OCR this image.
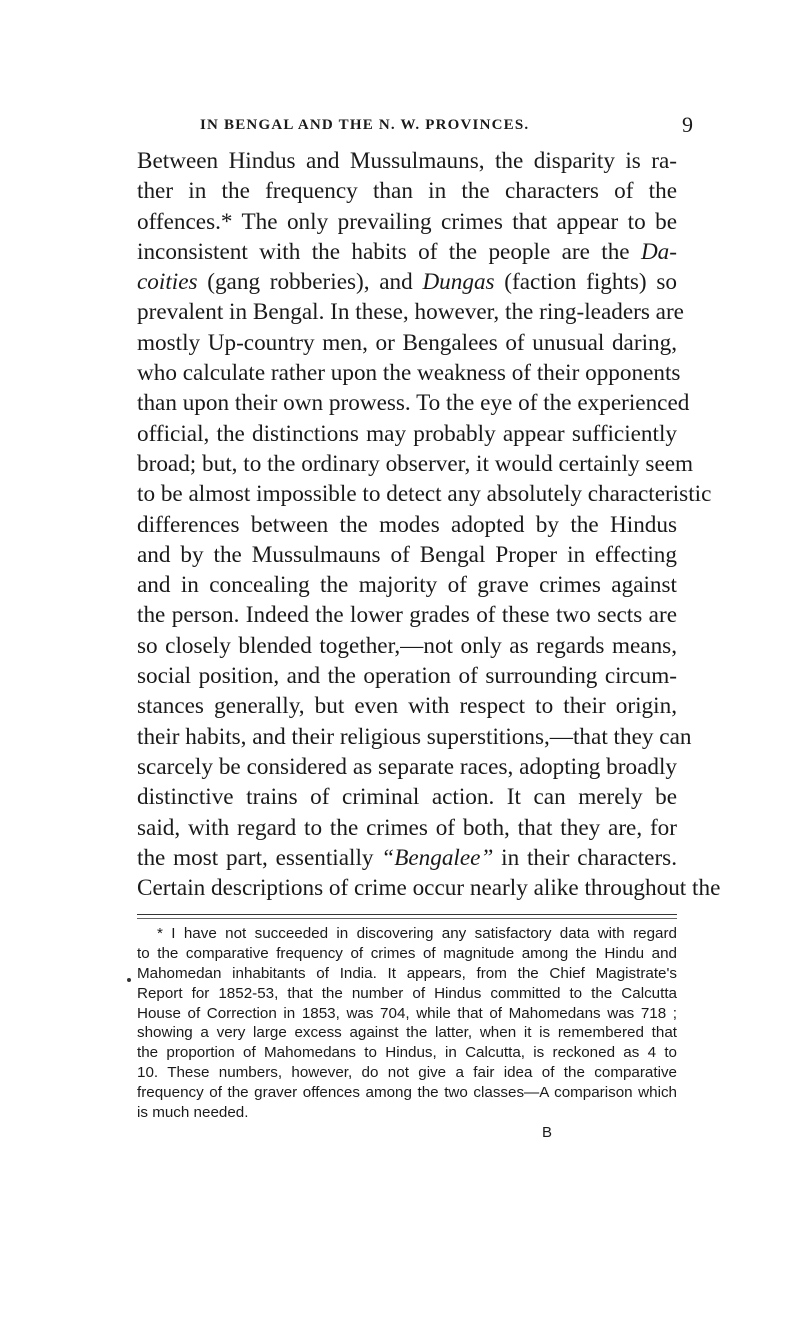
IN BENGAL AND THE N. W. PROVINCES.	9
Between Hindus and Mussulmauns, the disparity is ra-
ther in the frequency than in the characters of the
offences.* The only prevailing crimes that appear to be
inconsistent with the habits of the people are the Da-
coities (gang robberies), and Dungas (faction fights) so
prevalent in Bengal. In these, however, the ring-leaders are
mostly Up-country men, or Bengalees of unusual daring,
who calculate rather upon the weakness of their opponents
than upon their own prowess. To the eye of the experienced
official, the distinctions may probably appear sufficiently
broad; but, to the ordinary observer, it would certainly seem
to be almost impossible to detect any absolutely characteristic
differences between the modes adopted by the Hindus
and by the Mussulmauns of Bengal Proper in effecting
and in concealing the majority of grave crimes against
the person. Indeed the lower grades of these two sects are
so closely blended together,—not only as regards means,
social position, and the operation of surrounding circum-
stances generally, but even with respect to their origin,
their habits, and their religious superstitions,—that they can
scarcely be considered as separate races, adopting broadly
distinctive trains of criminal action. It can merely be
said, with regard to the crimes of both, that they are, for
the most part, essentially “Bengalee” in their characters.
Certain descriptions of crime occur nearly alike throughout the
* I have not succeeded in discovering any satisfactory data with regard
to the comparative frequency of crimes of magnitude among the Hindu and
Mahomedan inhabitants of India. It appears, from the Chief Magistrate's
Report for 1852-53, that the number of Hindus committed to the Calcutta
House of Correction in 1853, was 704, while that of Mahomedans was 718 ;
showing a very large excess against the latter, when it is remembered that
the proportion of Mahomedans to Hindus, in Calcutta, is reckoned as 4 to
10. These numbers, however, do not give a fair idea of the comparative
frequency of the graver offences among the two classes—A comparison which
is much needed.
B
